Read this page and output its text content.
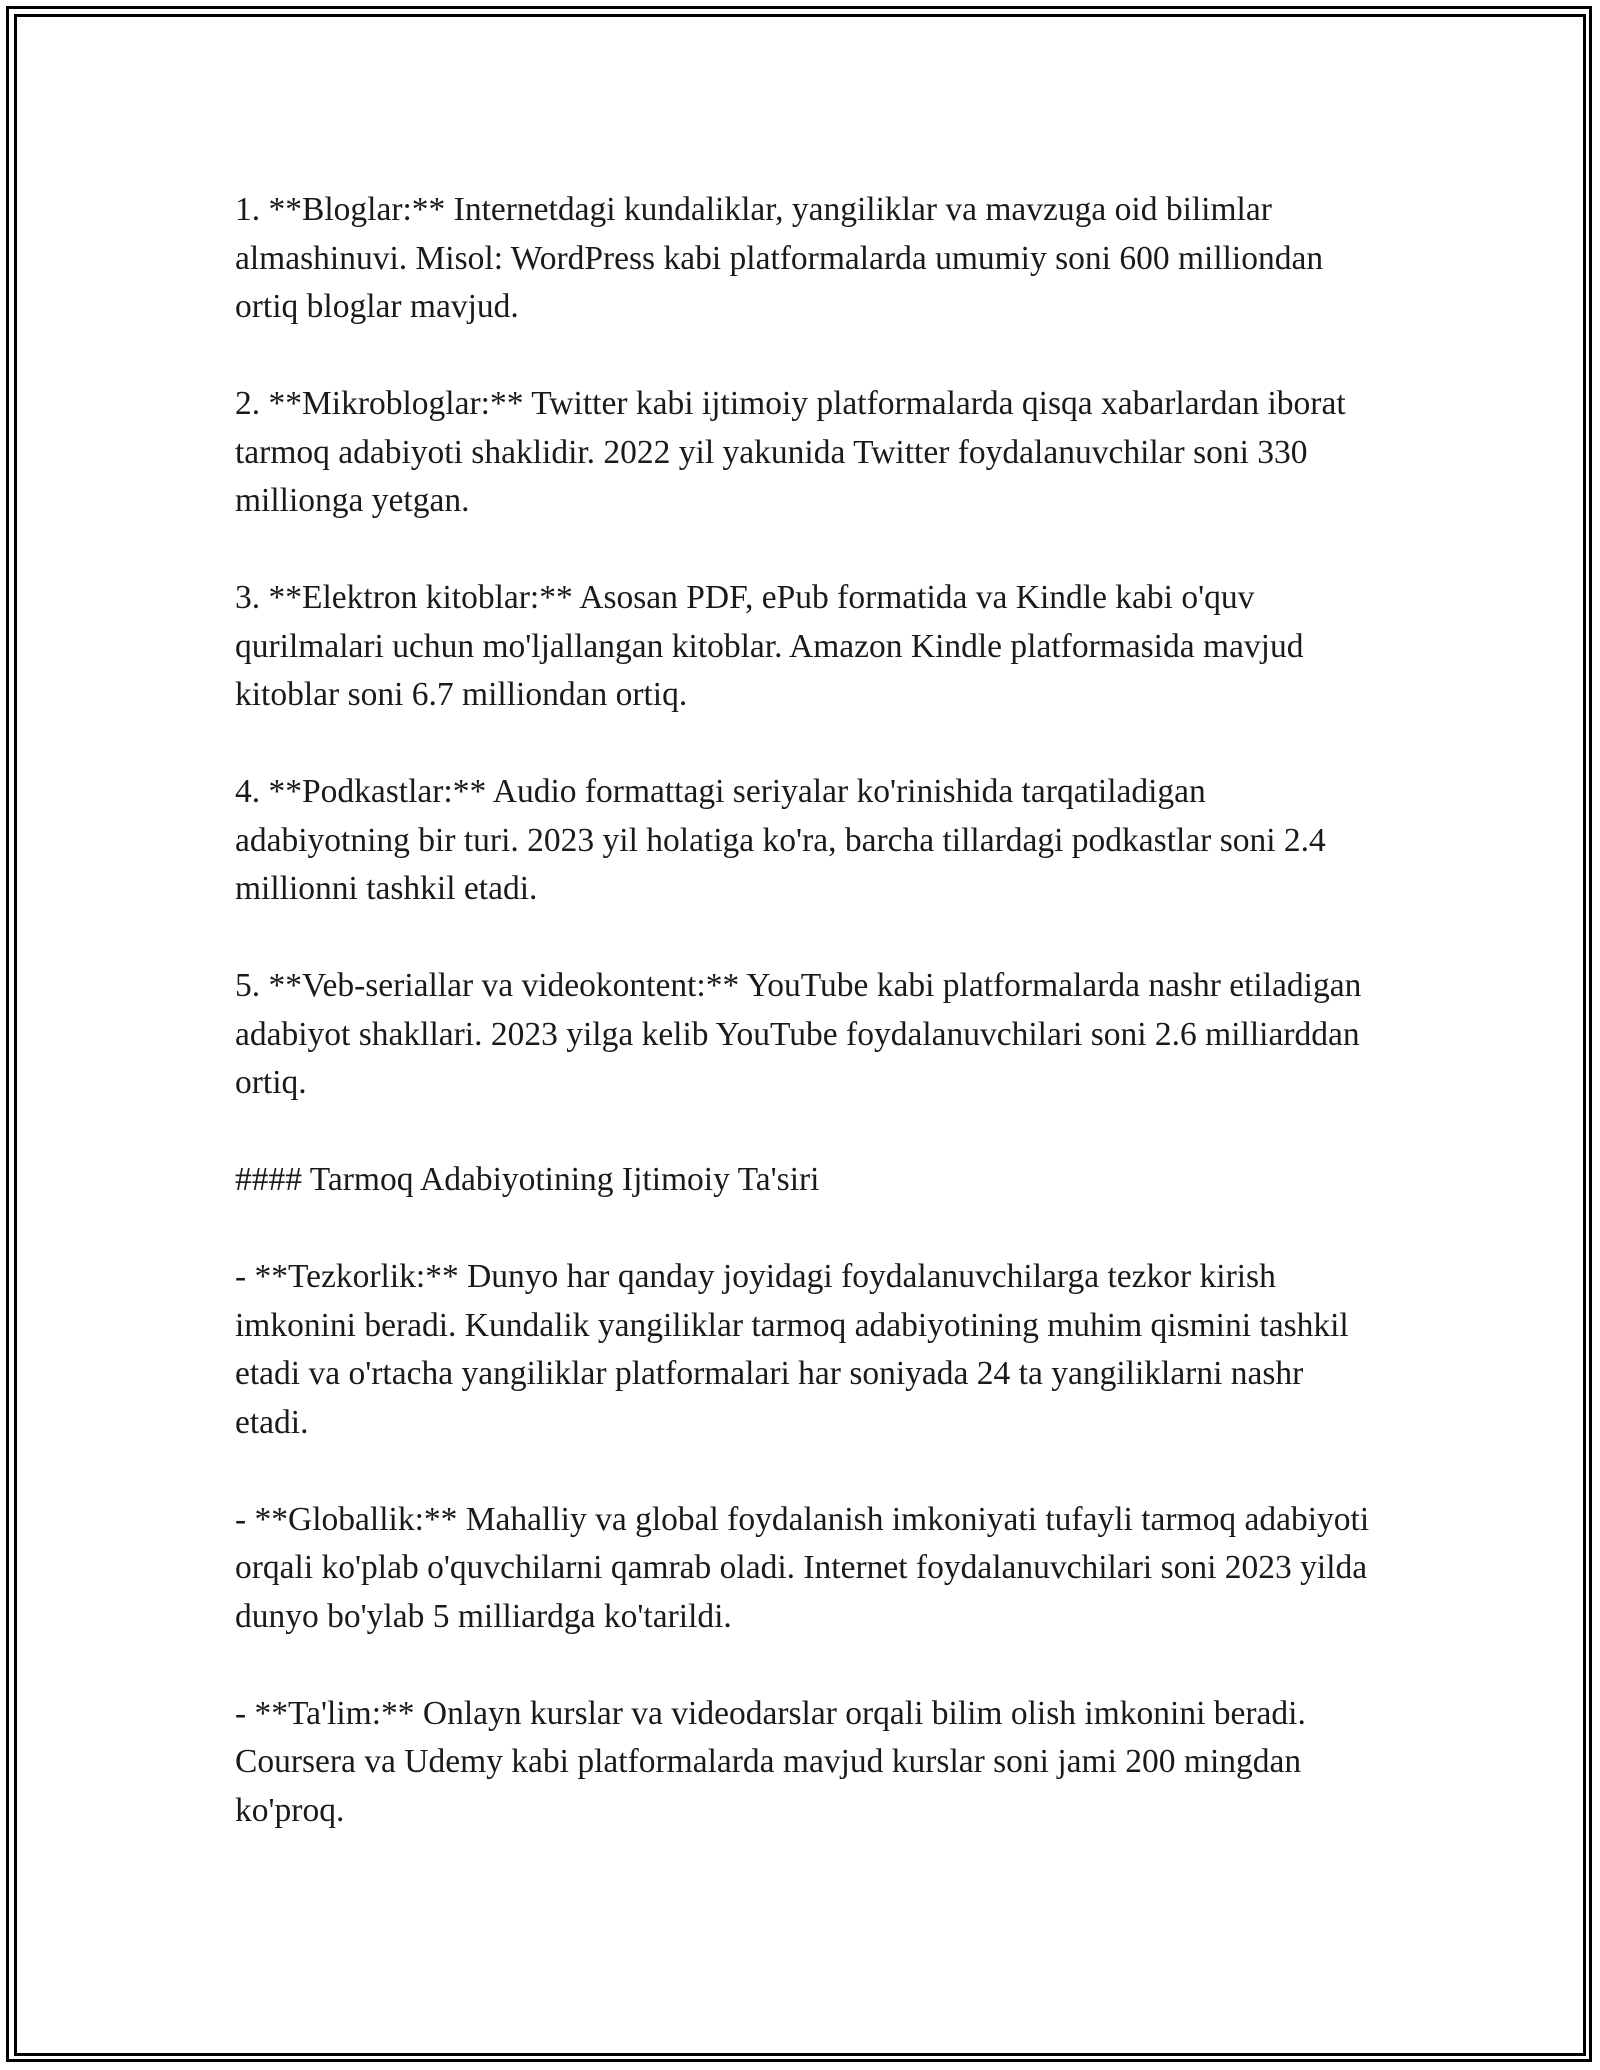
1. **Bloglar:** Internetdagi kundaliklar, yangiliklar va mavzuga oid bilimlar almashinuvi. Misol: WordPress kabi platformalarda umumiy soni 600 milliondan ortiq bloglar mavjud.

2. **Mikrobloglar:** Twitter kabi ijtimoiy platformalarda qisqa xabarlardan iborat tarmoq adabiyoti shaklidir. 2022 yil yakunida Twitter foydalanuvchilar soni 330 millionga yetgan.

3. **Elektron kitoblar:** Asosan PDF, ePub formatida va Kindle kabi o'quv qurilmalari uchun mo'ljallangan kitoblar. Amazon Kindle platformasida mavjud kitoblar soni 6.7 milliondan ortiq.

4. **Podkastlar:** Audio formattagi seriyalar ko'rinishida tarqatiladigan adabiyotning bir turi. 2023 yil holatiga ko'ra, barcha tillardagi podkastlar soni 2.4 millionni tashkil etadi.

5. **Veb-seriallar va videokontent:** YouTube kabi platformalarda nashr etiladigan adabiyot shakllari. 2023 yilga kelib YouTube foydalanuvchilari soni 2.6 milliarddan ortiq.

#### Tarmoq Adabiyotining Ijtimoiy Ta'siri

- **Tezkorlik:** Dunyo har qanday joyidagi foydalanuvchilarga tezkor kirish imkonini beradi. Kundalik yangiliklar tarmoq adabiyotining muhim qismini tashkil etadi va o'rtacha yangiliklar platformalari har soniyada 24 ta yangiliklarni nashr etadi.

- **Globallik:** Mahalliy va global foydalanish imkoniyati tufayli tarmoq adabiyoti orqali ko'plab o'quvchilarni qamrab oladi. Internet foydalanuvchilari soni 2023 yilda dunyo bo'ylab 5 milliardga ko'tarildi.

- **Ta'lim:** Onlayn kurslar va videodarslar orqali bilim olish imkonini beradi. Coursera va Udemy kabi platformalarda mavjud kurslar soni jami 200 mingdan ko'proq.
